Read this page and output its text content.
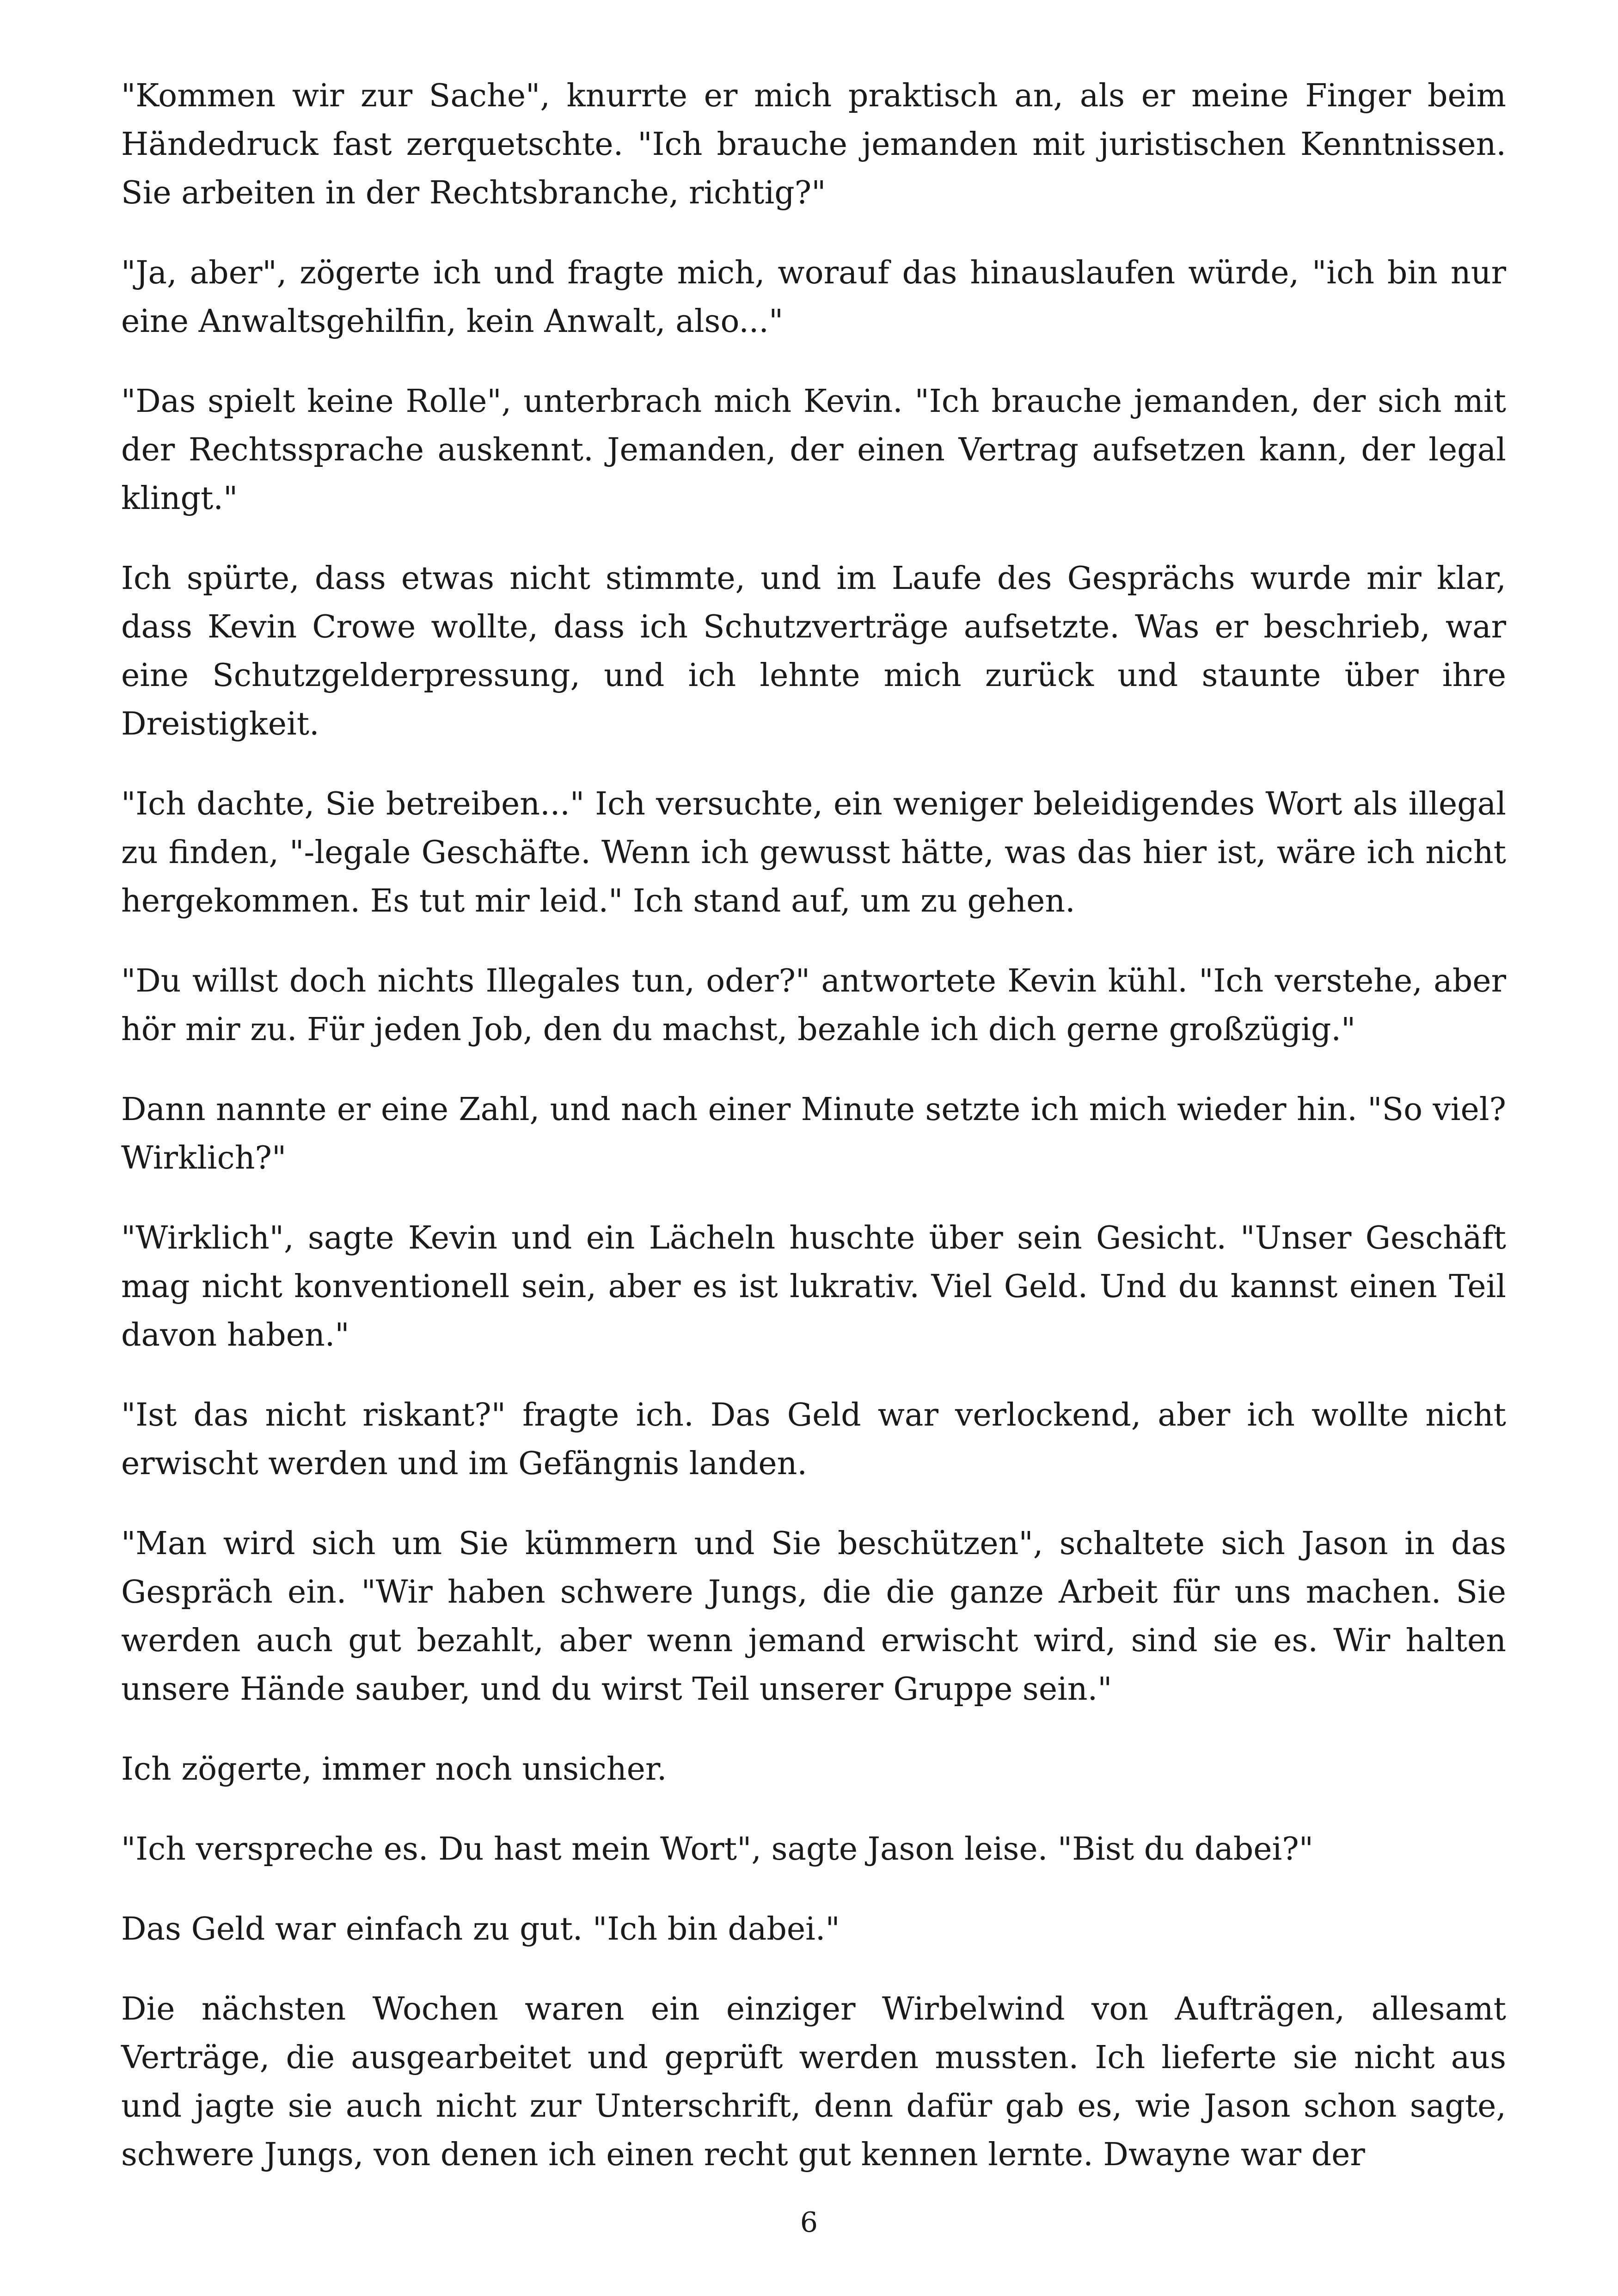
"Kommen wir zur Sache", knurrte er mich praktisch an, als er meine Finger beim Händedruck fast zerquetschte. "Ich brauche jemanden mit juristischen Kenntnissen. Sie arbeiten in der Rechtsbranche, richtig?"

"Ja, aber", zögerte ich und fragte mich, worauf das hinauslaufen würde, "ich bin nur eine Anwaltsgehilfin, kein Anwalt, also..."

"Das spielt keine Rolle", unterbrach mich Kevin. "Ich brauche jemanden, der sich mit der Rechtssprache auskennt. Jemanden, der einen Vertrag aufsetzen kann, der legal klingt."

Ich spürte, dass etwas nicht stimmte, und im Laufe des Gesprächs wurde mir klar, dass Kevin Crowe wollte, dass ich Schutzverträge aufsetzte. Was er beschrieb, war eine Schutzgelderpressung, und ich lehnte mich zurück und staunte über ihre Dreistigkeit.

"Ich dachte, Sie betreiben..." Ich versuchte, ein weniger beleidigendes Wort als illegal zu finden, "-legale Geschäfte. Wenn ich gewusst hätte, was das hier ist, wäre ich nicht hergekommen. Es tut mir leid." Ich stand auf, um zu gehen.

"Du willst doch nichts Illegales tun, oder?" antwortete Kevin kühl. "Ich verstehe, aber hör mir zu. Für jeden Job, den du machst, bezahle ich dich gerne großzügig."

Dann nannte er eine Zahl, und nach einer Minute setzte ich mich wieder hin. "So viel? Wirklich?"

"Wirklich", sagte Kevin und ein Lächeln huschte über sein Gesicht. "Unser Geschäft mag nicht konventionell sein, aber es ist lukrativ. Viel Geld. Und du kannst einen Teil davon haben."

"Ist das nicht riskant?" fragte ich. Das Geld war verlockend, aber ich wollte nicht erwischt werden und im Gefängnis landen.

"Man wird sich um Sie kümmern und Sie beschützen", schaltete sich Jason in das Gespräch ein. "Wir haben schwere Jungs, die die ganze Arbeit für uns machen. Sie werden auch gut bezahlt, aber wenn jemand erwischt wird, sind sie es. Wir halten unsere Hände sauber, und du wirst Teil unserer Gruppe sein."

Ich zögerte, immer noch unsicher.

"Ich verspreche es. Du hast mein Wort", sagte Jason leise. "Bist du dabei?"

Das Geld war einfach zu gut. "Ich bin dabei."

Die nächsten Wochen waren ein einziger Wirbelwind von Aufträgen, allesamt Verträge, die ausgearbeitet und geprüft werden mussten. Ich lieferte sie nicht aus und jagte sie auch nicht zur Unterschrift, denn dafür gab es, wie Jason schon sagte, schwere Jungs, von denen ich einen recht gut kennen lernte. Dwayne war der

6
